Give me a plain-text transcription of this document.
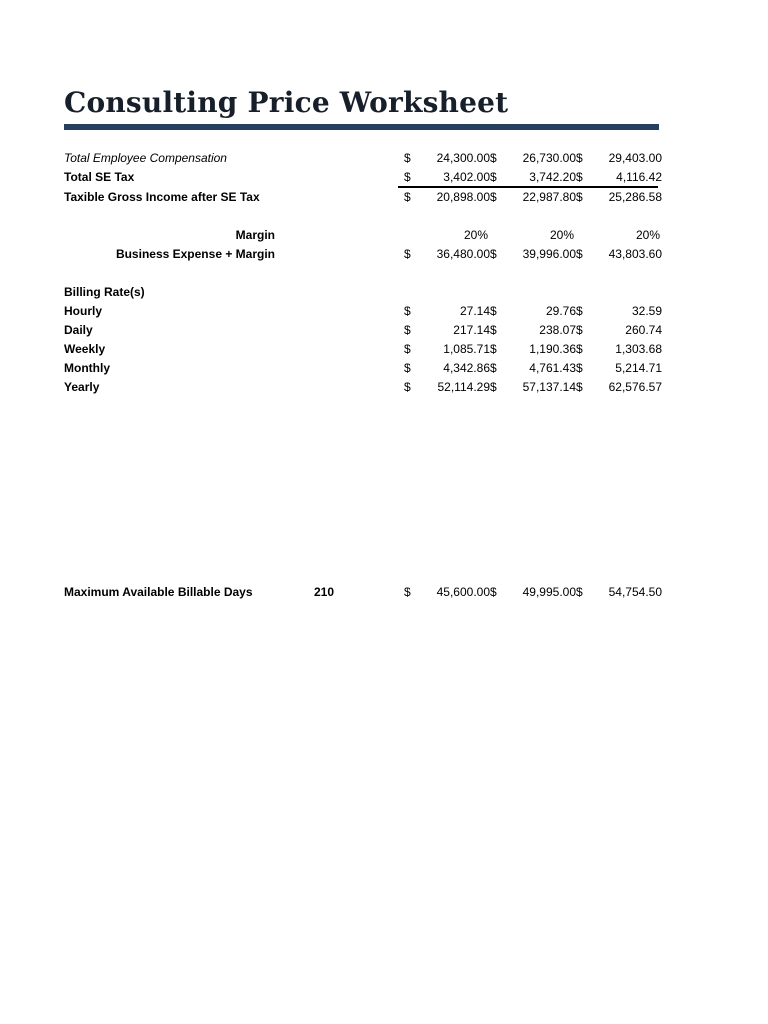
Consulting Price Worksheet
Total Employee Compensation	$ 24,300.00 $ 26,730.00 $ 29,403.00
Total SE Tax	$	3,402.00 $	3,742.20 $	4,116.42
Taxible Gross Income after SE Tax	$ 20,898.00 $ 22,987.80 $ 25,286.58
Margin	20%	20%	20%
Business Expense + Margin	$ 36,480.00 $ 39,996.00 $ 43,803.60
Billing Rate(s)
Hourly	$	27.14 $	29.76 $	32.59
Daily	$	217.14 $	238.07 $	260.74
Weekly	$	1,085.71 $	1,190.36 $	1,303.68
Monthly	$	4,342.86 $	4,761.43 $	5,214.71
Yearly	$ 52,114.29 $ 57,137.14 $ 62,576.57
Maximum Available Billable Days	210	$ 45,600.00 $ 49,995.00 $ 54,754.50
